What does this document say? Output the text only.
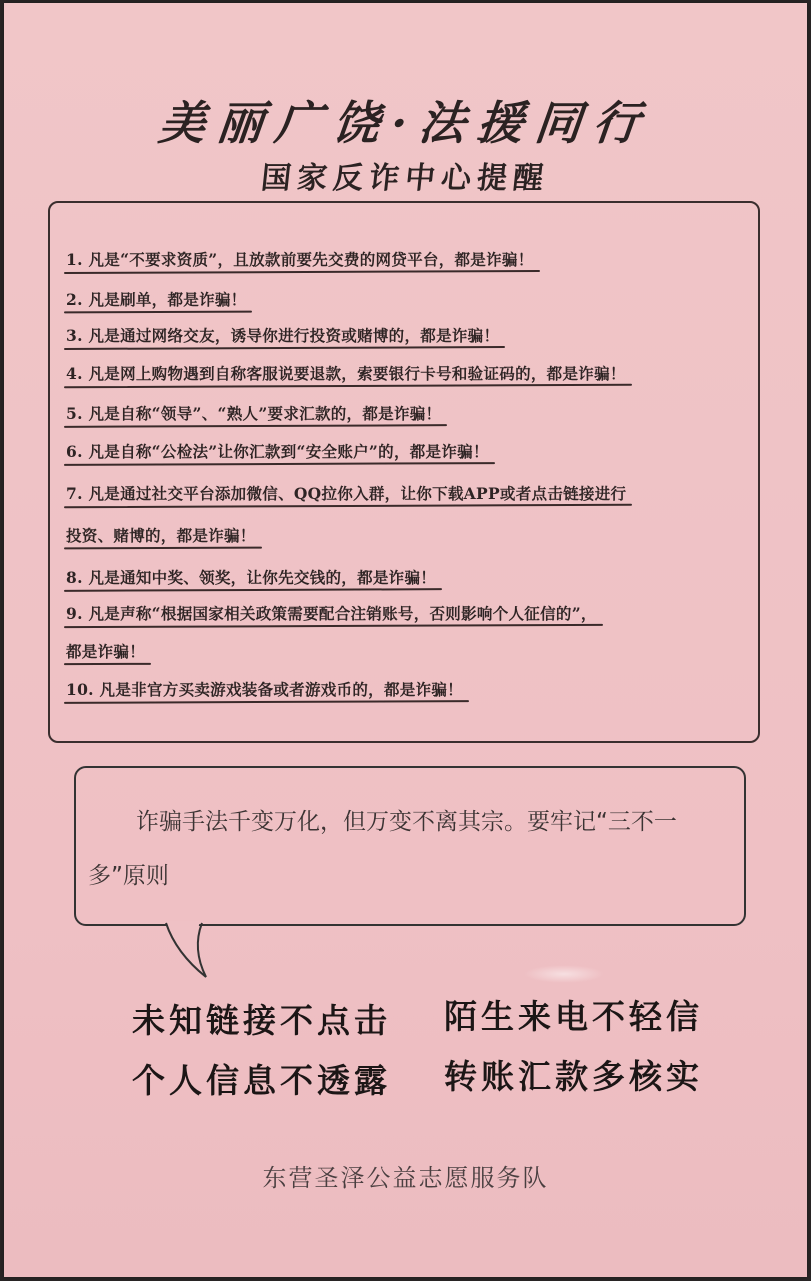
美丽广饶·法援同行
国家反诈中心提醒
1. 凡是“不要求资质”，且放款前要先交费的网贷平台，都是诈骗！
2. 凡是刷单，都是诈骗！
3. 凡是通过网络交友，诱导你进行投资或赌博的，都是诈骗！
4. 凡是网上购物遇到自称客服说要退款，索要银行卡号和验证码的，都是诈骗！
5. 凡是自称“领导”、“熟人”要求汇款的，都是诈骗！
6. 凡是自称“公检法”让你汇款到“安全账户”的，都是诈骗！
7. 凡是通过社交平台添加微信、QQ拉你入群，让你下载APP或者点击链接进行
投资、赌博的，都是诈骗！
8. 凡是通知中奖、领奖，让你先交钱的，都是诈骗！
9. 凡是声称“根据国家相关政策需要配合注销账号，否则影响个人征信的”，
都是诈骗！
10. 凡是非官方买卖游戏装备或者游戏币的，都是诈骗！
诈骗手法千变万化，但万变不离其宗。要牢记“三不一多”原则
未知链接不点击 陌生来电不轻信
个人信息不透露 转账汇款多核实
东营圣泽公益志愿服务队
